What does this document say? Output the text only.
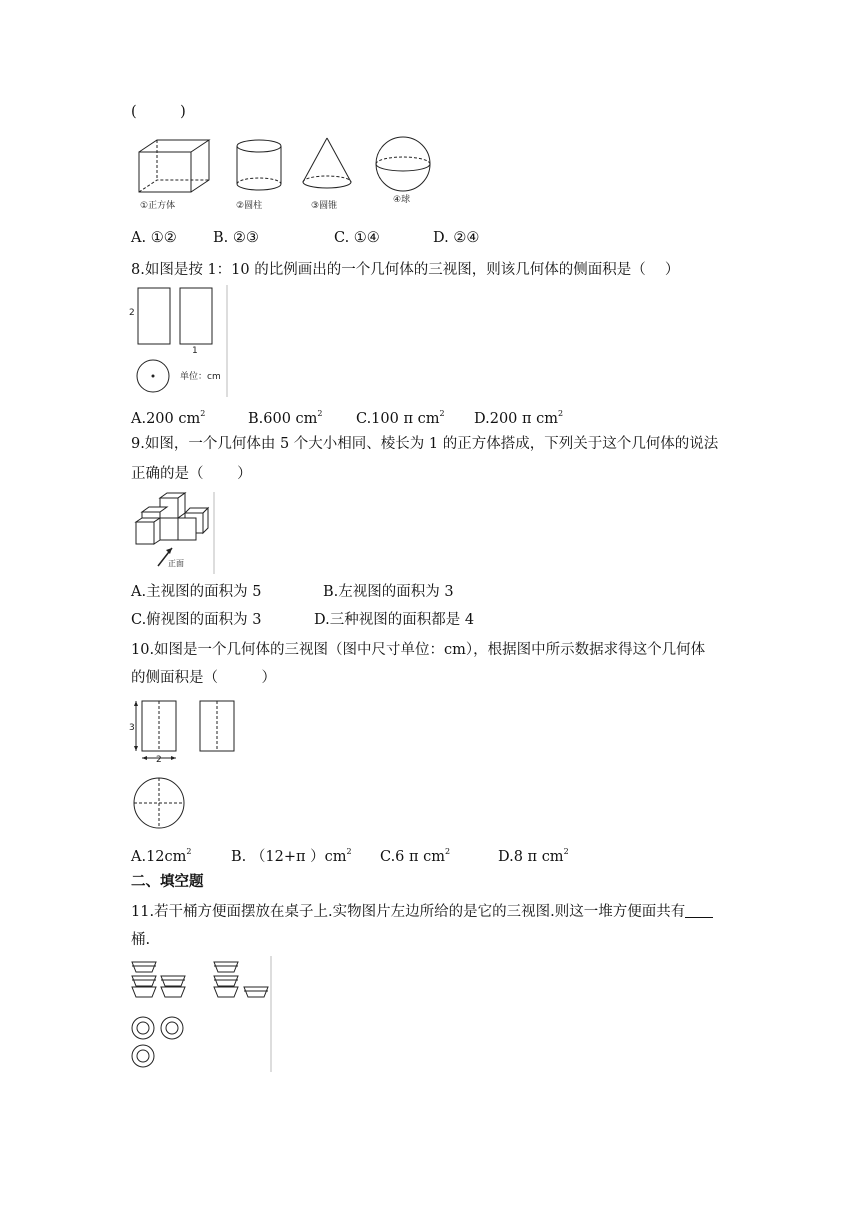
(　　　)
①正方体	②圆柱	③圆锥
④球
A. ①②	B. ②③	C. ①④	D. ②④
8.如图是按 1：10 的比例画出的一个几何体的三视图，则该几何体的侧面积是（　 ）
2
1
单位：cm
A.200 $cm^2$	B.600 $cm^2$ C.100 π $cm^2$ D.200 π $cm^2$
9.如图，一个几何体由 5 个大小相同、棱长为 1 的正方体搭成，下列关于这个几何体的说法
正确的是（　　 ）
正面
A.主视图的面积为 5	B.左视图的面积为 3
C.俯视图的面积为 3	D.三种视图的面积都是 4
10.如图是一个几何体的三视图（图中尺寸单位：cm），根据图中所示数据求得这个几何体
的侧面积是（　　　）
3
2
$A.12cm^2$	B. （12+π ）$cm^2$ C.6 π $cm^2$	D.8 π $cm^2$
二、填空题
11.若干桶方便面摆放在桌子上.实物图片左边所给的是它的三视图.则这一堆方便面共有
桶.
